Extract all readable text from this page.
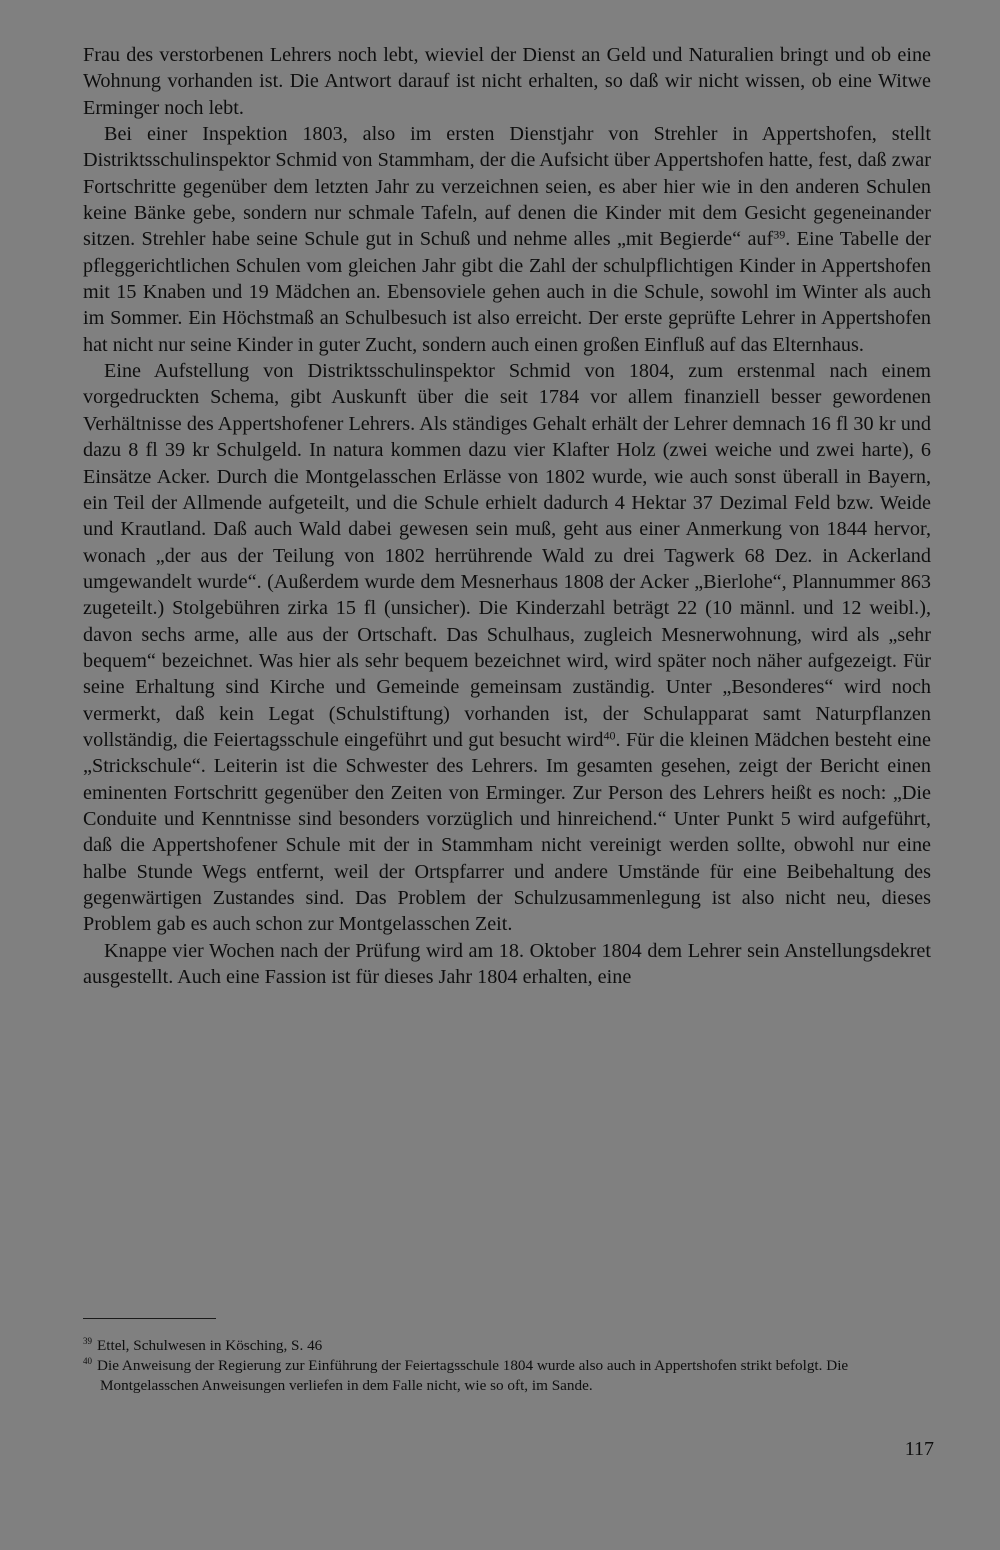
Frau des verstorbenen Lehrers noch lebt, wieviel der Dienst an Geld und Naturalien bringt und ob eine Wohnung vorhanden ist. Die Antwort darauf ist nicht erhalten, so daß wir nicht wissen, ob eine Witwe Erminger noch lebt.

Bei einer Inspektion 1803, also im ersten Dienstjahr von Strehler in Appertshofen, stellt Distriktsschulinspektor Schmid von Stammham, der die Aufsicht über Appertshofen hatte, fest, daß zwar Fortschritte gegenüber dem letzten Jahr zu verzeichnen seien, es aber hier wie in den anderen Schulen keine Bänke gebe, sondern nur schmale Tafeln, auf denen die Kinder mit dem Gesicht gegeneinander sitzen. Strehler habe seine Schule gut in Schuß und nehme alles „mit Begierde“ auf$^{39}$. Eine Tabelle der pfleggerichtlichen Schulen vom gleichen Jahr gibt die Zahl der schulpflichtigen Kinder in Appertshofen mit 15 Knaben und 19 Mädchen an. Ebensoviele gehen auch in die Schule, sowohl im Winter als auch im Sommer. Ein Höchstmaß an Schulbesuch ist also erreicht. Der erste geprüfte Lehrer in Appertshofen hat nicht nur seine Kinder in guter Zucht, sondern auch einen großen Einfluß auf das Elternhaus.

Eine Aufstellung von Distriktsschulinspektor Schmid von 1804, zum erstenmal nach einem vorgedruckten Schema, gibt Auskunft über die seit 1784 vor allem finanziell besser gewordenen Verhältnisse des Appertshofener Lehrers. Als ständiges Gehalt erhält der Lehrer demnach 16 fl 30 kr und dazu 8 fl 39 kr Schulgeld. In natura kommen dazu vier Klafter Holz (zwei weiche und zwei harte), 6 Einsätze Acker. Durch die Montgelasschen Erlässe von 1802 wurde, wie auch sonst überall in Bayern, ein Teil der Allmende aufgeteilt, und die Schule erhielt dadurch 4 Hektar 37 Dezimal Feld bzw. Weide und Krautland. Daß auch Wald dabei gewesen sein muß, geht aus einer Anmerkung von 1844 hervor, wonach „der aus der Teilung von 1802 herrührende Wald zu drei Tagwerk 68 Dez. in Ackerland umgewandelt wurde“. (Außerdem wurde dem Mesnerhaus 1808 der Acker „Bierlohe“, Plannummer 863 zugeteilt.) Stolgebühren zirka 15 fl (unsicher). Die Kinderzahl beträgt 22 (10 männl. und 12 weibl.), davon sechs arme, alle aus der Ortschaft. Das Schulhaus, zugleich Mesnerwohnung, wird als „sehr bequem“ bezeichnet. Was hier als sehr bequem bezeichnet wird, wird später noch näher aufgezeigt. Für seine Erhaltung sind Kirche und Gemeinde gemeinsam zuständig. Unter „Besonderes“ wird noch vermerkt, daß kein Legat (Schulstiftung) vorhanden ist, der Schulapparat samt Naturpflanzen vollständig, die Feiertagsschule eingeführt und gut besucht wird$^{40}$. Für die kleinen Mädchen besteht eine „Strickschule“. Leiterin ist die Schwester des Lehrers. Im gesamten gesehen, zeigt der Bericht einen eminenten Fortschritt gegenüber den Zeiten von Erminger. Zur Person des Lehrers heißt es noch: „Die Conduite und Kenntnisse sind besonders vorzüglich und hinreichend.“ Unter Punkt 5 wird aufgeführt, daß die Appertshofener Schule mit der in Stammham nicht vereinigt werden sollte, obwohl nur eine halbe Stunde Wegs entfernt, weil der Ortspfarrer und andere Umstände für eine Beibehaltung des gegenwärtigen Zustandes sind. Das Problem der Schulzusammenlegung ist also nicht neu, dieses Problem gab es auch schon zur Montgelasschen Zeit.

Knappe vier Wochen nach der Prüfung wird am 18. Oktober 1804 dem Lehrer sein Anstellungsdekret ausgestellt. Auch eine Fassion ist für dieses Jahr 1804 erhalten, eine

$^{39}$ Ettel, Schulwesen in Kösching, S. 46

$^{40}$ Die Anweisung der Regierung zur Einführung der Feiertagsschule 1804 wurde also auch in Appertshofen strikt befolgt. Die Montgelasschen Anweisungen verliefen in dem Falle nicht, wie so oft, im Sande.

117
